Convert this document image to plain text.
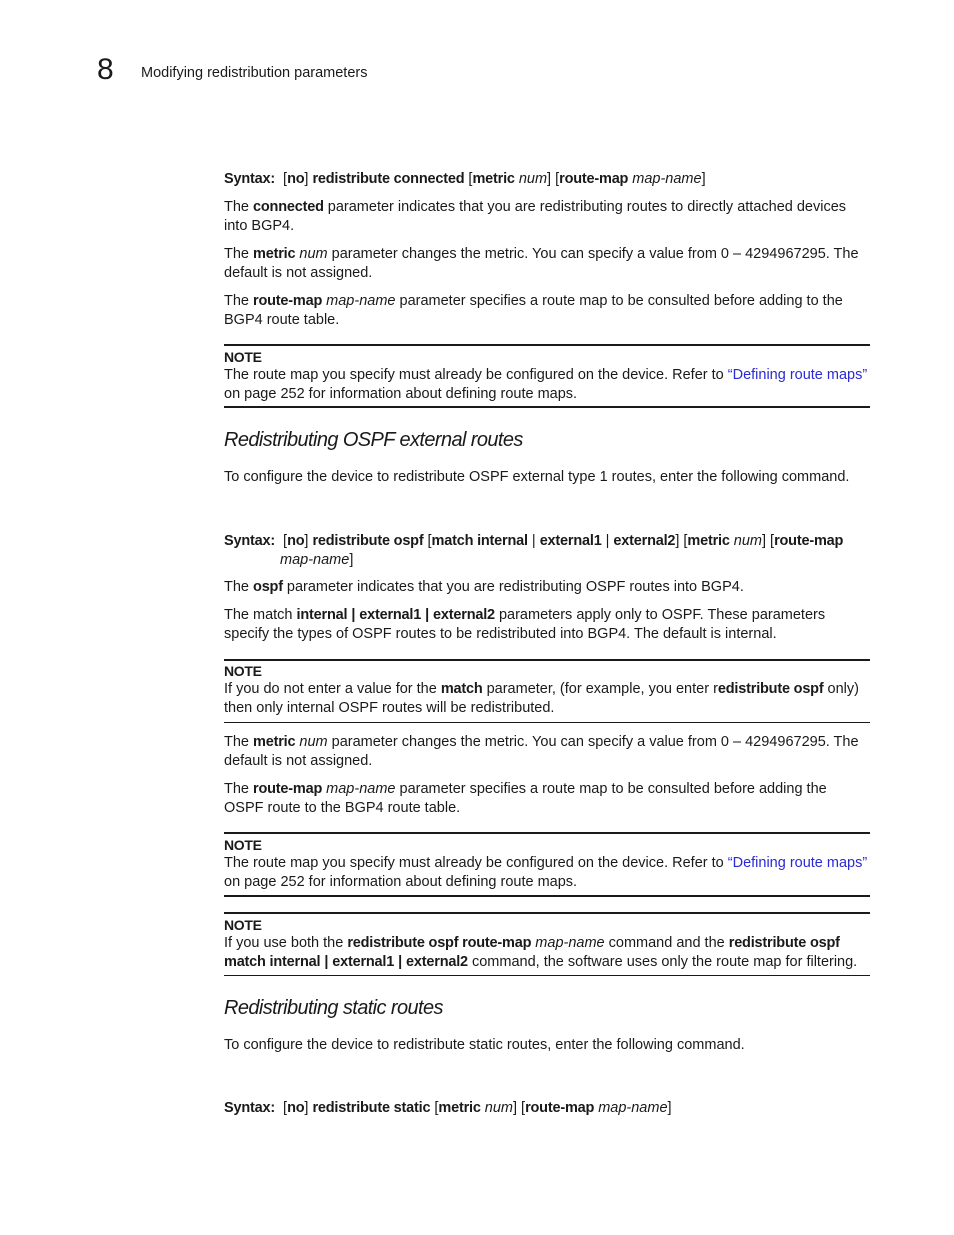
8 Modifying redistribution parameters
Syntax: [no] redistribute connected [metric num] [route-map map-name]
The connected parameter indicates that you are redistributing routes to directly attached devices into BGP4.
The metric num parameter changes the metric. You can specify a value from 0 – 4294967295. The default is not assigned.
The route-map map-name parameter specifies a route map to be consulted before adding to the BGP4 route table.
NOTE
The route map you specify must already be configured on the device. Refer to “Defining route maps” on page 252 for information about defining route maps.
Redistributing OSPF external routes
To configure the device to redistribute OSPF external type 1 routes, enter the following command.
Syntax: [no] redistribute ospf [match internal | external1 | external2] [metric num] [route-map
map-name]
The ospf parameter indicates that you are redistributing OSPF routes into BGP4.
The match internal | external1 | external2 parameters apply only to OSPF. These parameters specify the types of OSPF routes to be redistributed into BGP4. The default is internal.
NOTE
If you do not enter a value for the match parameter, (for example, you enter redistribute ospf only) then only internal OSPF routes will be redistributed.
The metric num parameter changes the metric. You can specify a value from 0 – 4294967295. The default is not assigned.
The route-map map-name parameter specifies a route map to be consulted before adding the OSPF route to the BGP4 route table.
NOTE
The route map you specify must already be configured on the device. Refer to “Defining route maps” on page 252 for information about defining route maps.
NOTE
If you use both the redistribute ospf route-map map-name command and the redistribute ospf match internal | external1 | external2 command, the software uses only the route map for filtering.
Redistributing static routes
To configure the device to redistribute static routes, enter the following command.
Syntax: [no] redistribute static [metric num] [route-map map-name]
